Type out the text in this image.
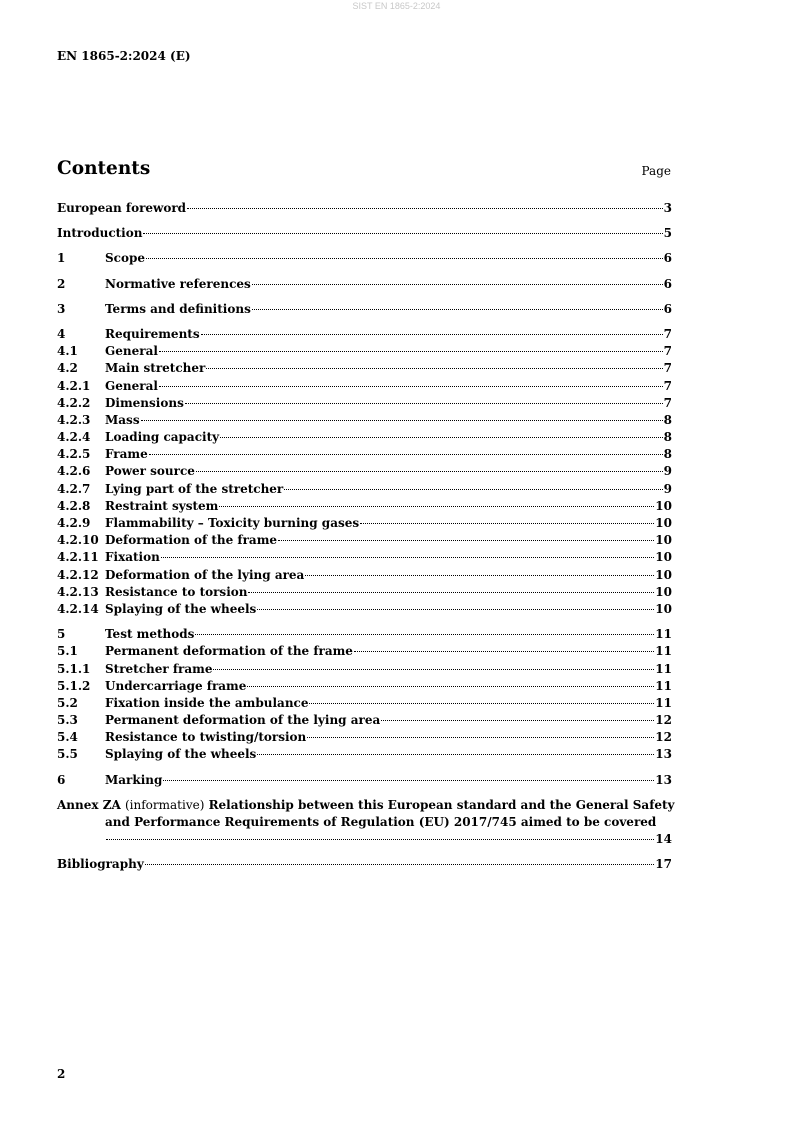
SIST EN 1865-2:2024
EN 1865-2:2024 (E)
Contents	Page
European foreword	3
Introduction	5
1	Scope	6
2	Normative references	6
3	Terms and definitions	6
4	Requirements	7
4.1	General	7
4.2	Main stretcher	7
4.2.1	General	7
4.2.2	Dimensions	7
4.2.3	Mass	8
4.2.4	Loading capacity	8
4.2.5	Frame	8
4.2.6	Power source	9
4.2.7	Lying part of the stretcher	9
4.2.8	Restraint system	10
4.2.9	Flammability – Toxicity burning gases	10
4.2.10 Deformation of the frame	10
4.2.11 Fixation	10
4.2.12 Deformation of the lying area	10
4.2.13 Resistance to torsion	10
4.2.14 Splaying of the wheels	10
5	Test methods	11
5.1	Permanent deformation of the frame	11
5.1.1	Stretcher frame	11
5.1.2	Undercarriage frame	11
5.2	Fixation inside the ambulance	11
5.3	Permanent deformation of the lying area	12
5.4	Resistance to twisting/torsion	12
5.5	Splaying of the wheels	13
6	Marking	13
Annex ZA (informative) Relationship between this European standard and the General Safety
and Performance Requirements of Regulation (EU) 2017/745 aimed to be covered
14
Bibliography	17
2
